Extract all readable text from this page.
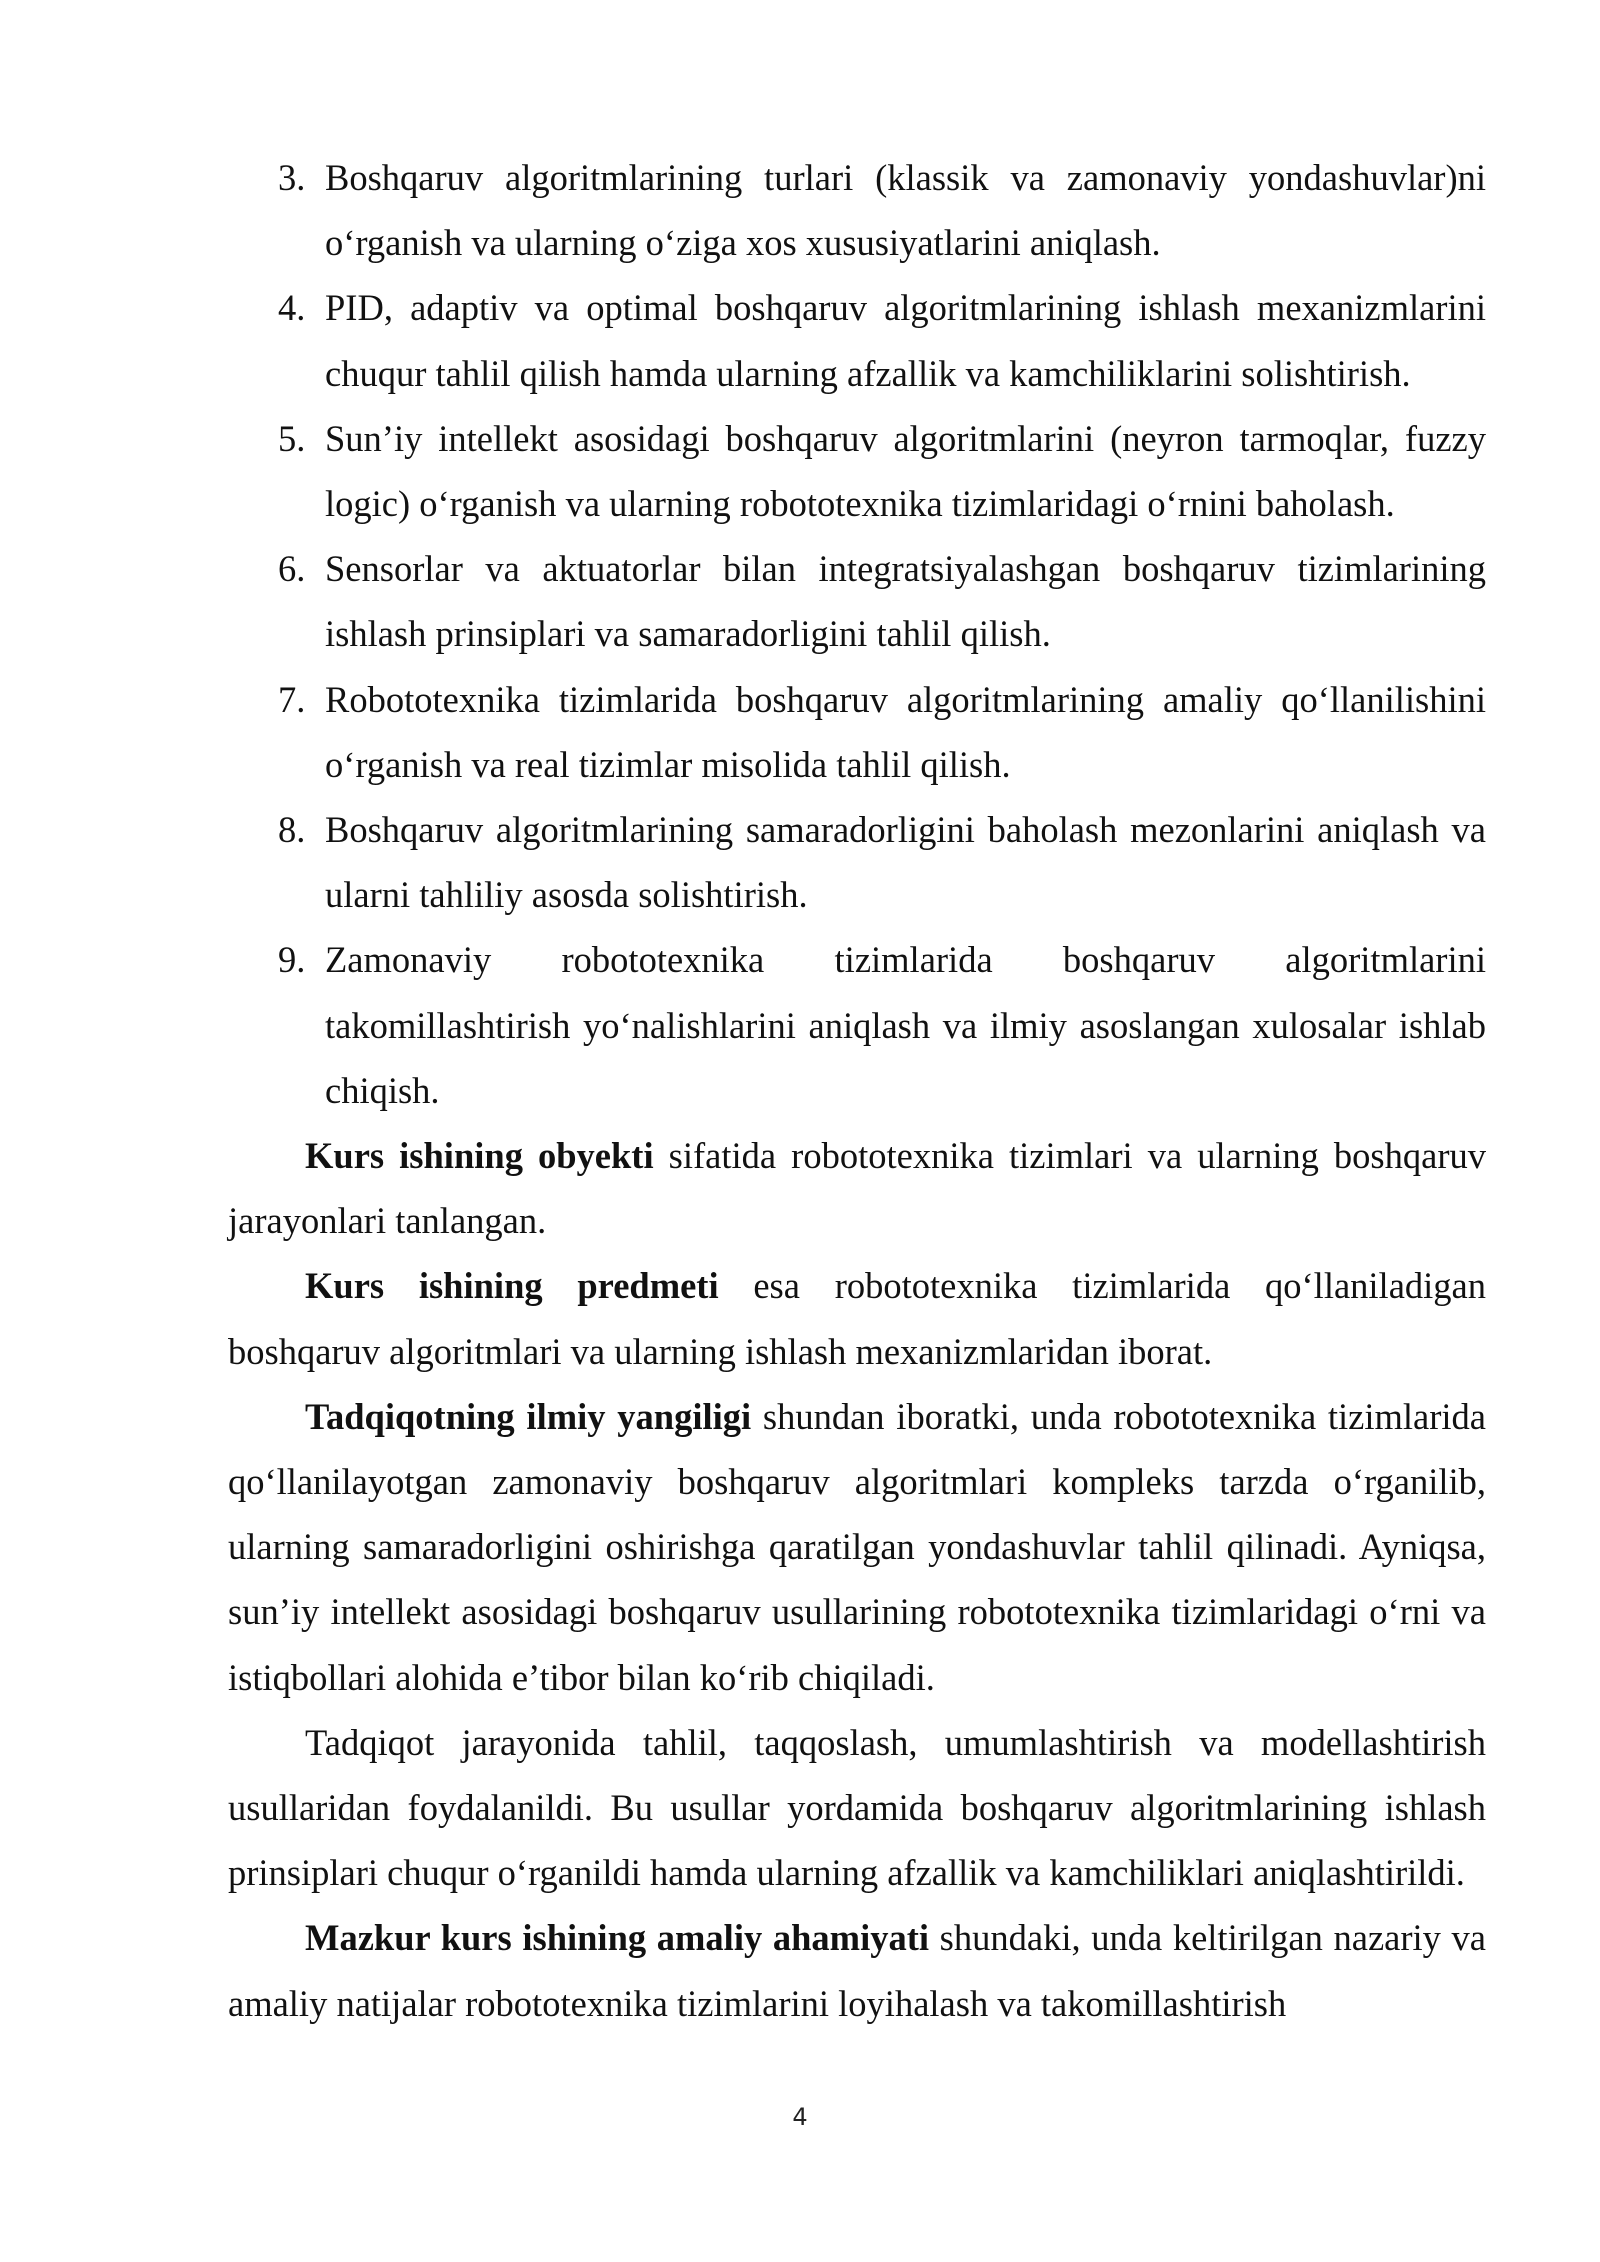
3. Boshqaruv algoritmlarining turlari (klassik va zamonaviy yondashuvlar)ni o‘rganish va ularning o‘ziga xos xususiyatlarini aniqlash.
4. PID, adaptiv va optimal boshqaruv algoritmlarining ishlash mexanizmlarini chuqur tahlil qilish hamda ularning afzallik va kamchiliklarini solishtirish.
5. Sun’iy intellekt asosidagi boshqaruv algoritmlarini (neyron tarmoqlar, fuzzy logic) o‘rganish va ularning robototexnika tizimlaridagi o‘rnini baholash.
6. Sensorlar va aktuatorlar bilan integratsiyalashgan boshqaruv tizimlarining ishlash prinsiplari va samaradorligini tahlil qilish.
7. Robototexnika tizimlarida boshqaruv algoritmlarining amaliy qo‘llanilishini o‘rganish va real tizimlar misolida tahlil qilish.
8. Boshqaruv algoritmlarining samaradorligini baholash mezonlarini aniqlash va ularni tahliliy asosda solishtirish.
9. Zamonaviy robototexnika tizimlarida boshqaruv algoritmlarini takomillashtirish yo‘nalishlarini aniqlash va ilmiy asoslangan xulosalar ishlab chiqish.

Kurs ishining obyekti sifatida robototexnika tizimlari va ularning boshqaruv jarayonlari tanlangan.

Kurs ishining predmeti esa robototexnika tizimlarida qo‘llaniladigan boshqaruv algoritmlari va ularning ishlash mexanizmlaridan iborat.

Tadqiqotning ilmiy yangiligi shundan iboratki, unda robototexnika tizimlarida qo‘llanilayotgan zamonaviy boshqaruv algoritmlari kompleks tarzda o‘rganilib, ularning samaradorligini oshirishga qaratilgan yondashuvlar tahlil qilinadi. Ayniqsa, sun’iy intellekt asosidagi boshqaruv usullarining robototexnika tizimlaridagi o‘rni va istiqbollari alohida e’tibor bilan ko‘rib chiqiladi.

Tadqiqot jarayonida tahlil, taqqoslash, umumlashtirish va modellashtirish usullaridan foydalanildi. Bu usullar yordamida boshqaruv algoritmlarining ishlash prinsiplari chuqur o‘rganildi hamda ularning afzallik va kamchiliklari aniqlashtirildi.

Mazkur kurs ishining amaliy ahamiyati shundaki, unda keltirilgan nazariy va amaliy natijalar robototexnika tizimlarini loyihalash va takomillashtirish

4
